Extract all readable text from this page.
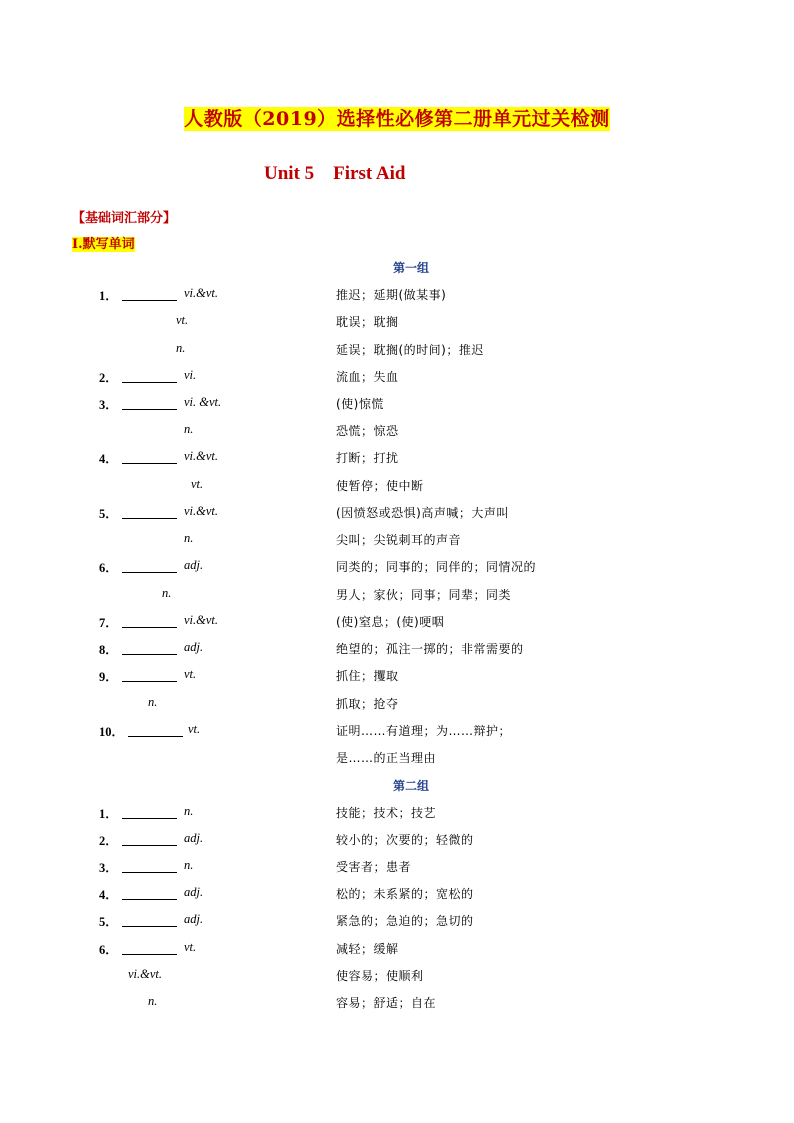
人教版（2019）选择性必修第二册单元过关检测
Unit 5    First Aid
【基础词汇部分】
Ⅰ.默写单词
第一组
1．	vi.&vt.	推迟；延期(做某事)
vt.	耽误；耽搁
n.	延误；耽搁(的时间)；推迟
2．	vi.	流血；失血
3．	vi. &vt.	(使)惊慌
n.	恐慌；惊恐
4．	vi.&vt.	打断；打扰
vt.	使暂停；使中断
5．	vi.&vt.	(因愤怒或恐惧)高声喊；大声叫
n.	尖叫；尖锐刺耳的声音
6．	adj.	同类的；同事的；同伴的；同情况的
n.	男人；家伙；同事；同辈；同类
7．	vi.&vt.	(使)窒息；(使)哽咽
8．	adj.	绝望的；孤注一掷的；非常需要的
9．	vt.	抓住；攫取
n.	抓取；抢夺
10．	vt.	证明……有道理；为……辩护；
是……的正当理由
第二组
1．	n.	技能；技术；技艺
2．	adj.	较小的；次要的；轻微的
3．	n.	受害者；患者
4．	adj.	松的；未系紧的；宽松的
5．	adj.	紧急的；急迫的；急切的
6．	vt.	减轻；缓解
vi.&vt.	使容易；使顺利
n.	容易；舒适；自在
